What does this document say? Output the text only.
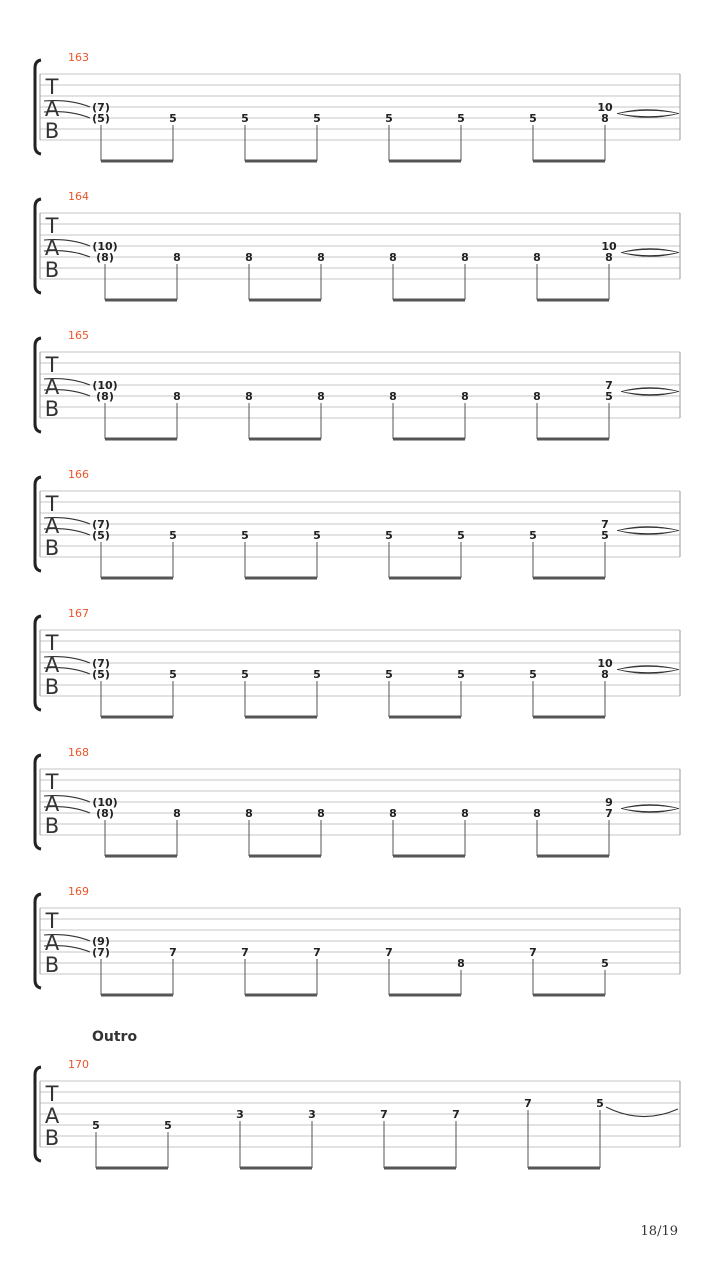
163
T
A
B
(7)
(5)	5	5	5	5	5	5
10
8
164
T
A
B
(10)
(8)	8	8	8	8	8	8
10
8
165
T
A
B
(10)
(8)	8	8	8	8	8	8
7
5
166
T
A
B
(7)
(5)	5	5	5	5	5	5
7
5
167
T
A
B
(7)
(5)	5	5	5	5	5	5
10
8
168
T
A
B
(10)
(8)	8	8	8	8	8	8
9
7
169
T
A
B
(9)
(7)	7	7	7	7
8
7
5
170
T
A
B
5	5
3	3	7	7
7	5
Outro
18/19
